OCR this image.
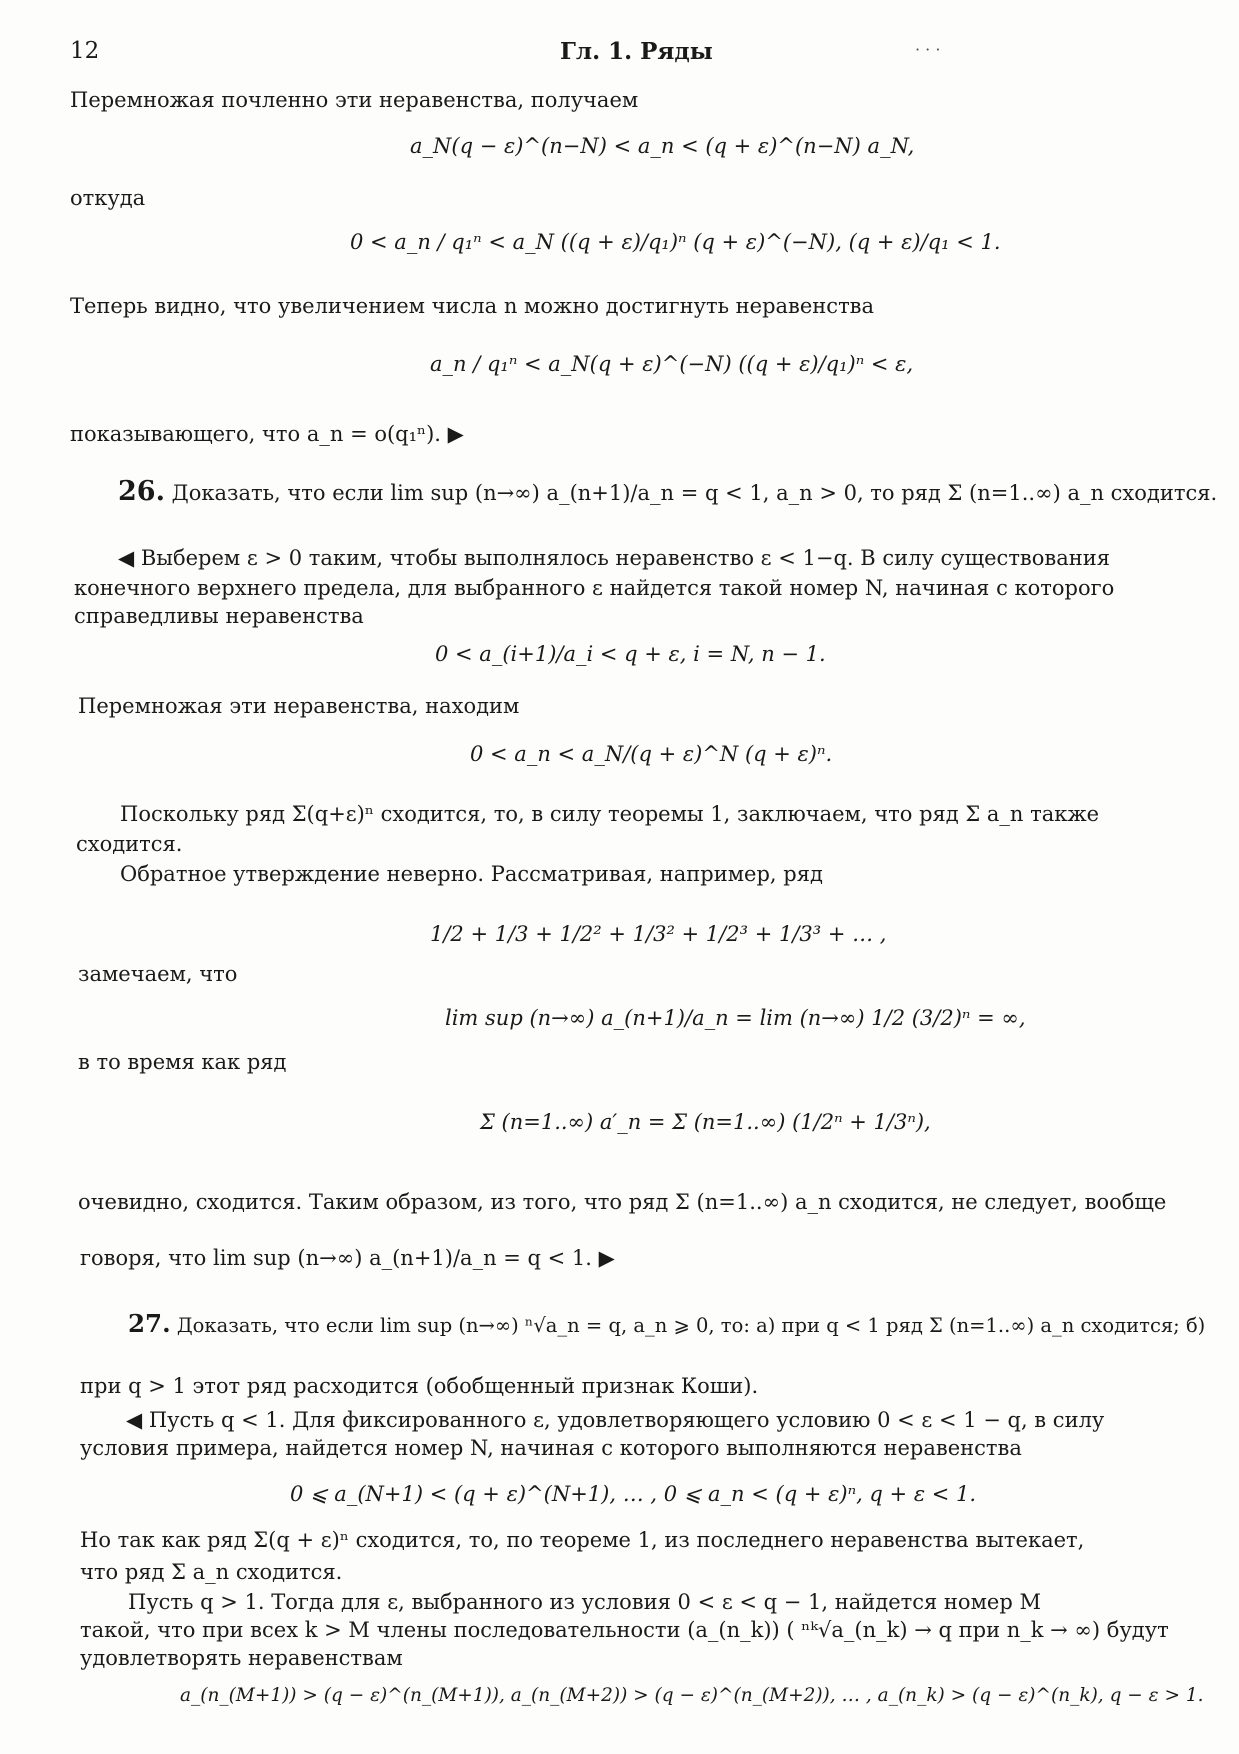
12	Гл. 1. Ряды	· · ·
Перемножая почленно эти неравенства, получаем
a_N(q − ε)^(n−N) < a_n < (q + ε)^(n−N) a_N,
откуда
0 < a_n / q₁ⁿ < a_N ((q + ε)/q₁)ⁿ (q + ε)^(−N), (q + ε)/q₁ < 1.
Теперь видно, что увеличением числа n можно достигнуть неравенства
a_n / q₁ⁿ < a_N(q + ε)^(−N) ((q + ε)/q₁)ⁿ < ε,
показывающего, что a_n = o(q₁ⁿ). ▶
26. Доказать, что если lim sup (n→∞) a_(n+1)/a_n = q < 1, a_n > 0, то ряд Σ (n=1..∞) a_n сходится.
◀ Выберем ε > 0 таким, чтобы выполнялось неравенство ε < 1−q. В силу существования
конечного верхнего предела, для выбранного ε найдется такой номер N, начиная с которого
справедливы неравенства
0 < a_(i+1)/a_i < q + ε, i = N, n − 1.
Перемножая эти неравенства, находим
0 < a_n < a_N/(q + ε)^N (q + ε)ⁿ.
Поскольку ряд Σ(q+ε)ⁿ сходится, то, в силу теоремы 1, заключаем, что ряд Σ a_n также
сходится.
Обратное утверждение неверно. Рассматривая, например, ряд
1/2 + 1/3 + 1/2² + 1/3² + 1/2³ + 1/3³ + … ,
замечаем, что
lim sup (n→∞) a_(n+1)/a_n = lim (n→∞) 1/2 (3/2)ⁿ = ∞,
в то время как ряд
Σ (n=1..∞) a′_n = Σ (n=1..∞) (1/2ⁿ + 1/3ⁿ),
очевидно, сходится. Таким образом, из того, что ряд Σ (n=1..∞) a_n сходится, не следует, вообще
говоря, что lim sup (n→∞) a_(n+1)/a_n = q < 1. ▶
27. Доказать, что если lim sup (n→∞) ⁿ√a_n = q, a_n ⩾ 0, то: а) при q < 1 ряд Σ (n=1..∞) a_n сходится; б)
при q > 1 этот ряд расходится (обобщенный признак Коши).
◀ Пусть q < 1. Для фиксированного ε, удовлетворяющего условию 0 < ε < 1 − q, в силу
условия примера, найдется номер N, начиная с которого выполняются неравенства
0 ⩽ a_(N+1) < (q + ε)^(N+1), … , 0 ⩽ a_n < (q + ε)ⁿ, q + ε < 1.
Но так как ряд Σ(q + ε)ⁿ сходится, то, по теореме 1, из последнего неравенства вытекает,
что ряд Σ a_n сходится.
Пусть q > 1. Тогда для ε, выбранного из условия 0 < ε < q − 1, найдется номер M
такой, что при всех k > M члены последовательности (a_(n_k)) ( ⁿᵏ√a_(n_k) → q при n_k → ∞) будут
удовлетворять неравенствам
a_(n_(M+1)) > (q − ε)^(n_(M+1)), a_(n_(M+2)) > (q − ε)^(n_(M+2)), … , a_(n_k) > (q − ε)^(n_k), q − ε > 1.
